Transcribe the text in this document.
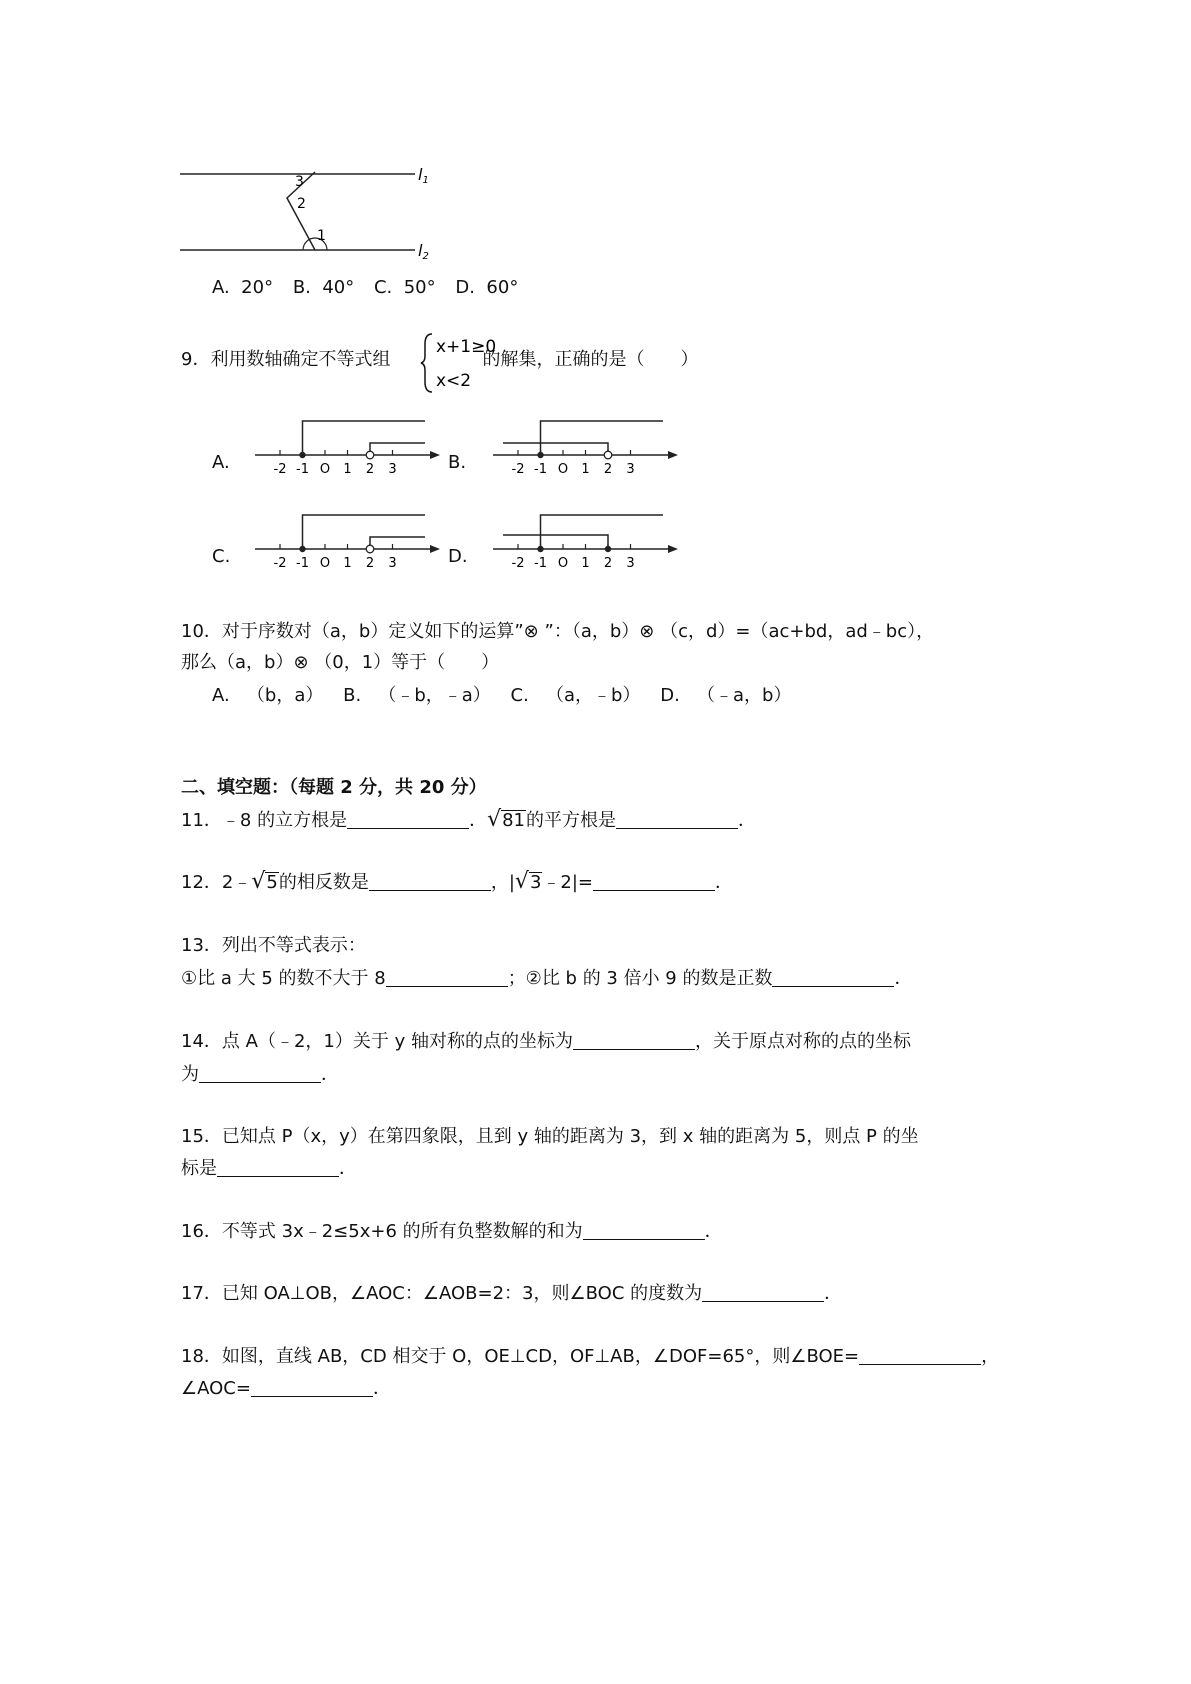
l1
l2
3
2
1
A. 20° B. 40° C. 50° D. 60°
9．利用数轴确定不等式组	的解集，正确的是（　　）
x+1≥0
x<2
A.	B.
C.	D.
-2 -1 O 1 2 3	-2 -1 O 1 2 3
-2 -1 O 1 2 3	-2 -1 O 1 2 3
10．对于序数对（a，b）定义如下的运算”⊗ ”：（a，b）⊗ （c，d）=（ac+bd，ad﹣bc），
那么（a，b）⊗ （0，1）等于（　　）
A. （b，a） B. （﹣b，﹣a） C. （a，﹣b） D. （﹣a，b）
二、填空题：（每题 2 分，共 20 分）
11．﹣8 的立方根是	．√81的平方根是	．
12．2﹣√5的相反数是	，|√3﹣2|=	．
13．列出不等式表示：
①比 a 大 5 的数不大于 8	；②比 b 的 3 倍小 9 的数是正数	．
14．点 A（﹣2，1）关于 y 轴对称的点的坐标为	，关于原点对称的点的坐标
为	．
15．已知点 P（x，y）在第四象限，且到 y 轴的距离为 3，到 x 轴的距离为 5，则点 P 的坐
标是	．
16．不等式 3x﹣2≤5x+6 的所有负整数解的和为	．
17．已知 OA⊥OB，∠AOC：∠AOB=2：3，则∠BOC 的度数为	．
18．如图，直线 AB，CD 相交于 O，OE⊥CD，OF⊥AB，∠DOF=65°，则∠BOE=	，
∠AOC=	．
